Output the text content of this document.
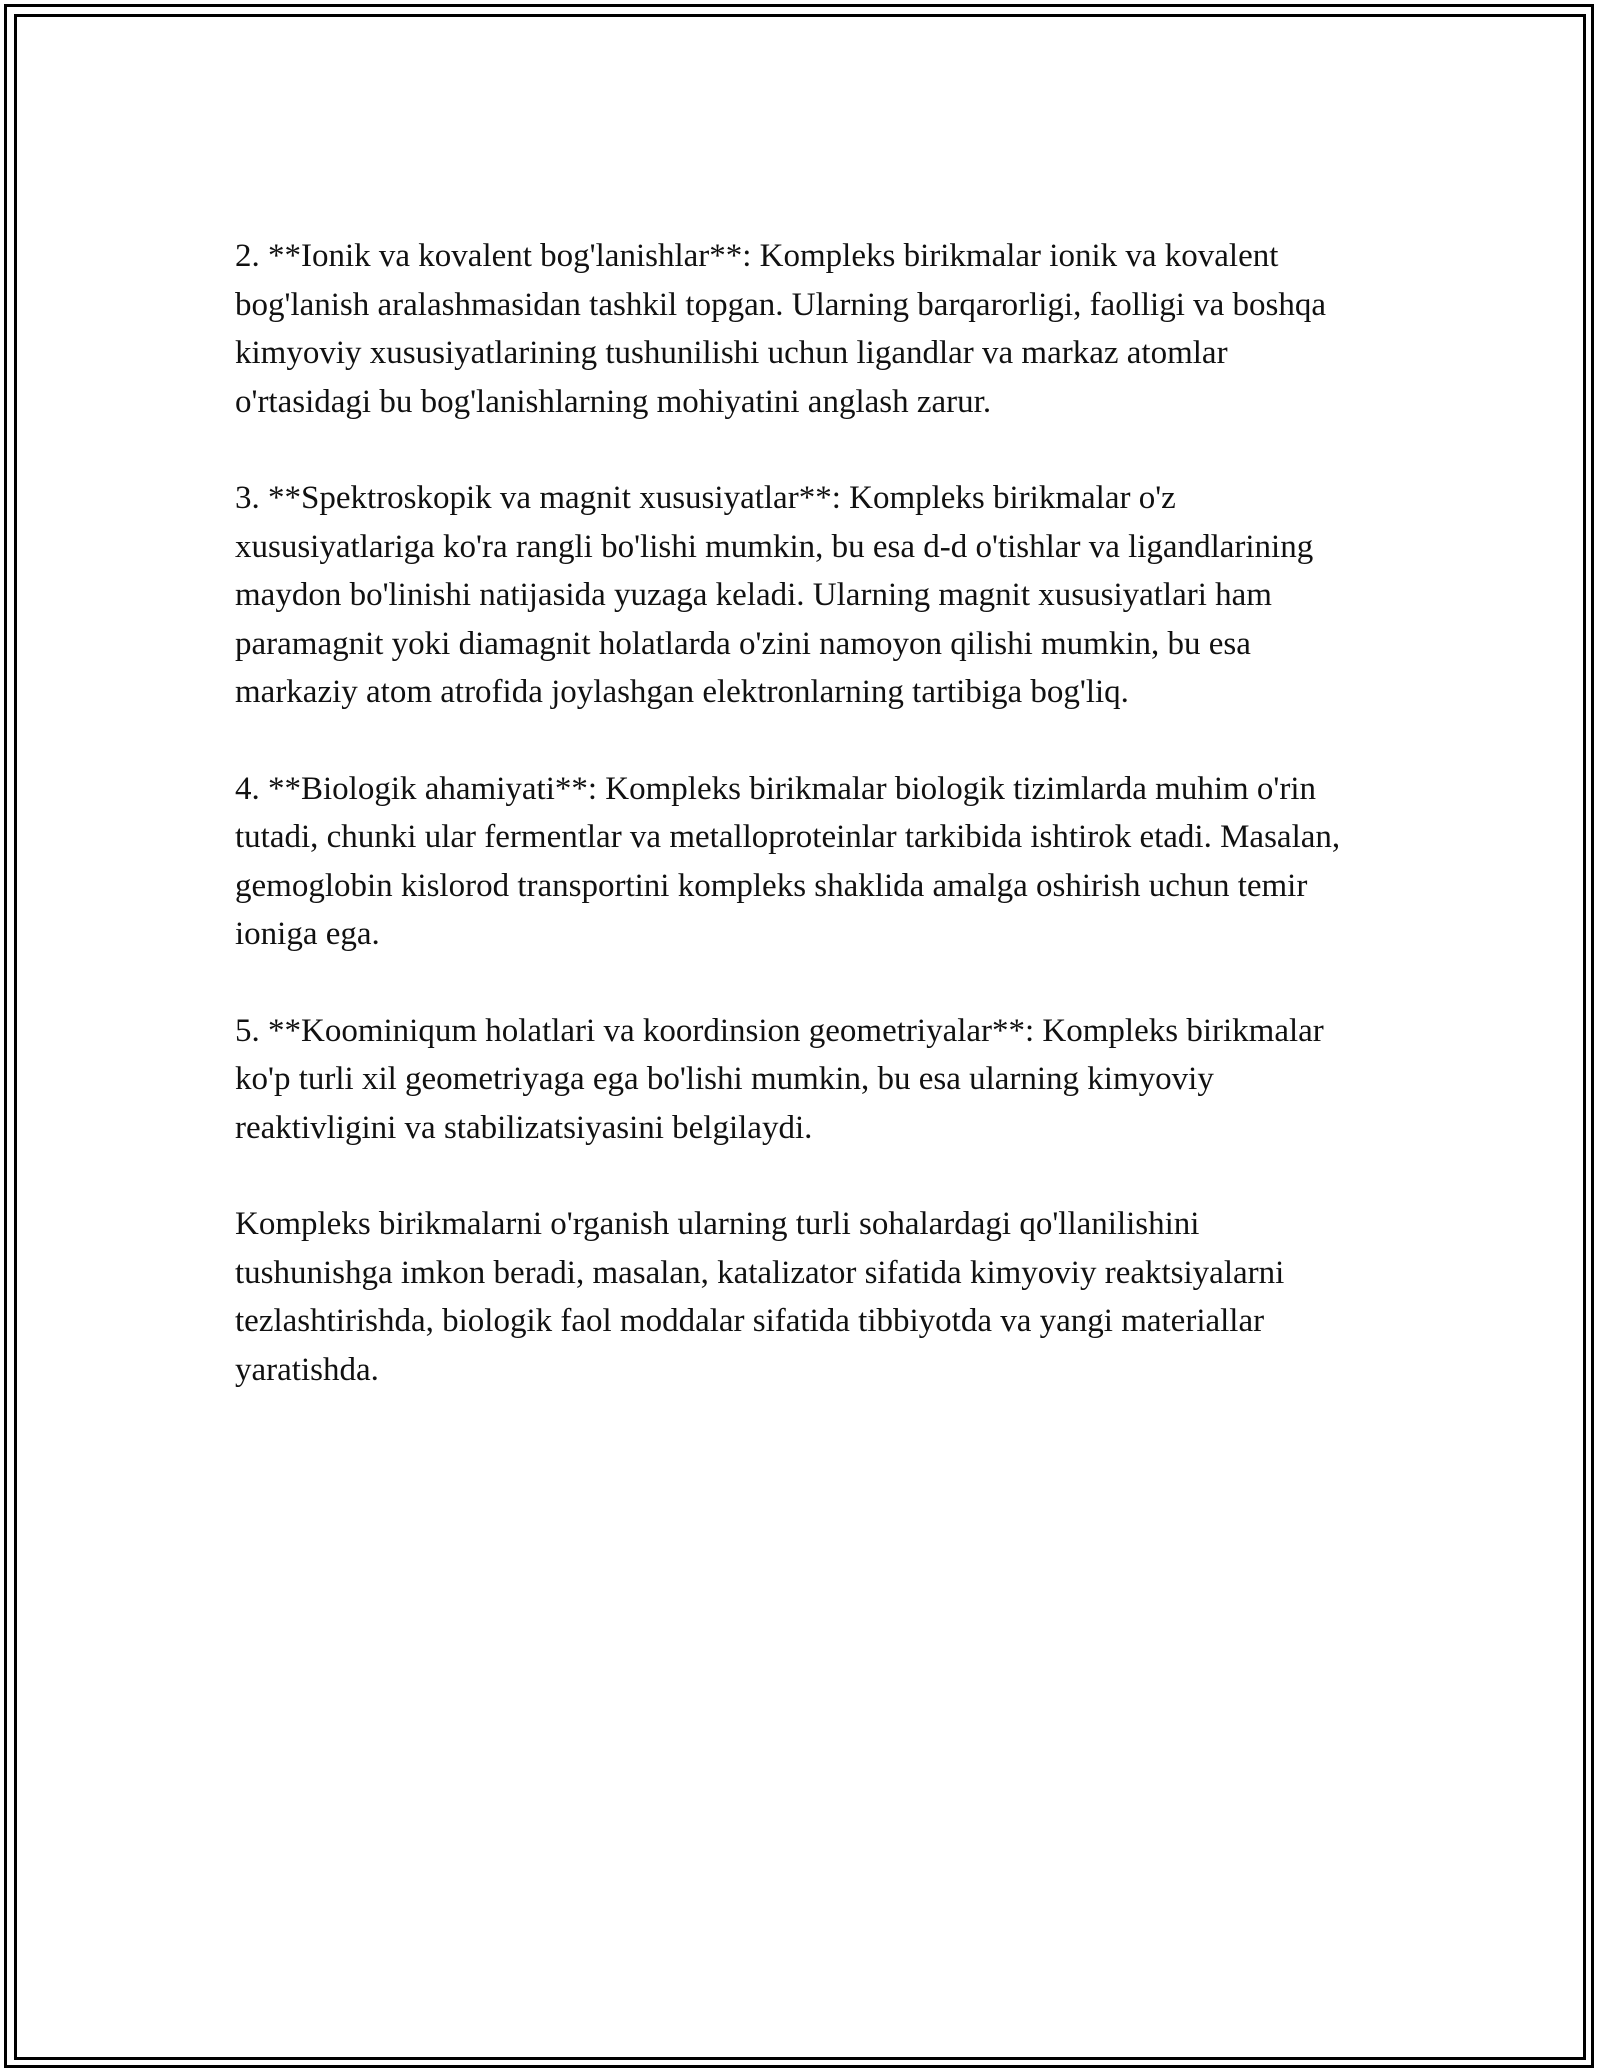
2. **Ionik va kovalent bog'lanishlar**: Kompleks birikmalar ionik va kovalent bog'lanish aralashmasidan tashkil topgan. Ularning barqarorligi, faolligi va boshqa kimyoviy xususiyatlarining tushunilishi uchun ligandlar va markaz atomlar o'rtasidagi bu bog'lanishlarning mohiyatini anglash zarur.

3. **Spektroskopik va magnit xususiyatlar**: Kompleks birikmalar o'z xususiyatlariga ko'ra rangli bo'lishi mumkin, bu esa d-d o'tishlar va ligandlarining maydon bo'linishi natijasida yuzaga keladi. Ularning magnit xususiyatlari ham paramagnit yoki diamagnit holatlarda o'zini namoyon qilishi mumkin, bu esa markaziy atom atrofida joylashgan elektronlarning tartibiga bog'liq.

4. **Biologik ahamiyati**: Kompleks birikmalar biologik tizimlarda muhim o'rin tutadi, chunki ular fermentlar va metalloproteinlar tarkibida ishtirok etadi. Masalan, gemoglobin kislorod transportini kompleks shaklida amalga oshirish uchun temir ioniga ega.

5. **Koominiqum holatlari va koordinsion geometriyalar**: Kompleks birikmalar ko'p turli xil geometriyaga ega bo'lishi mumkin, bu esa ularning kimyoviy reaktivligini va stabilizatsiyasini belgilaydi.

Kompleks birikmalarni o'rganish ularning turli sohalardagi qo'llanilishini tushunishga imkon beradi, masalan, katalizator sifatida kimyoviy reaktsiyalarni tezlashtirishda, biologik faol moddalar sifatida tibbiyotda va yangi materiallar yaratishda.
